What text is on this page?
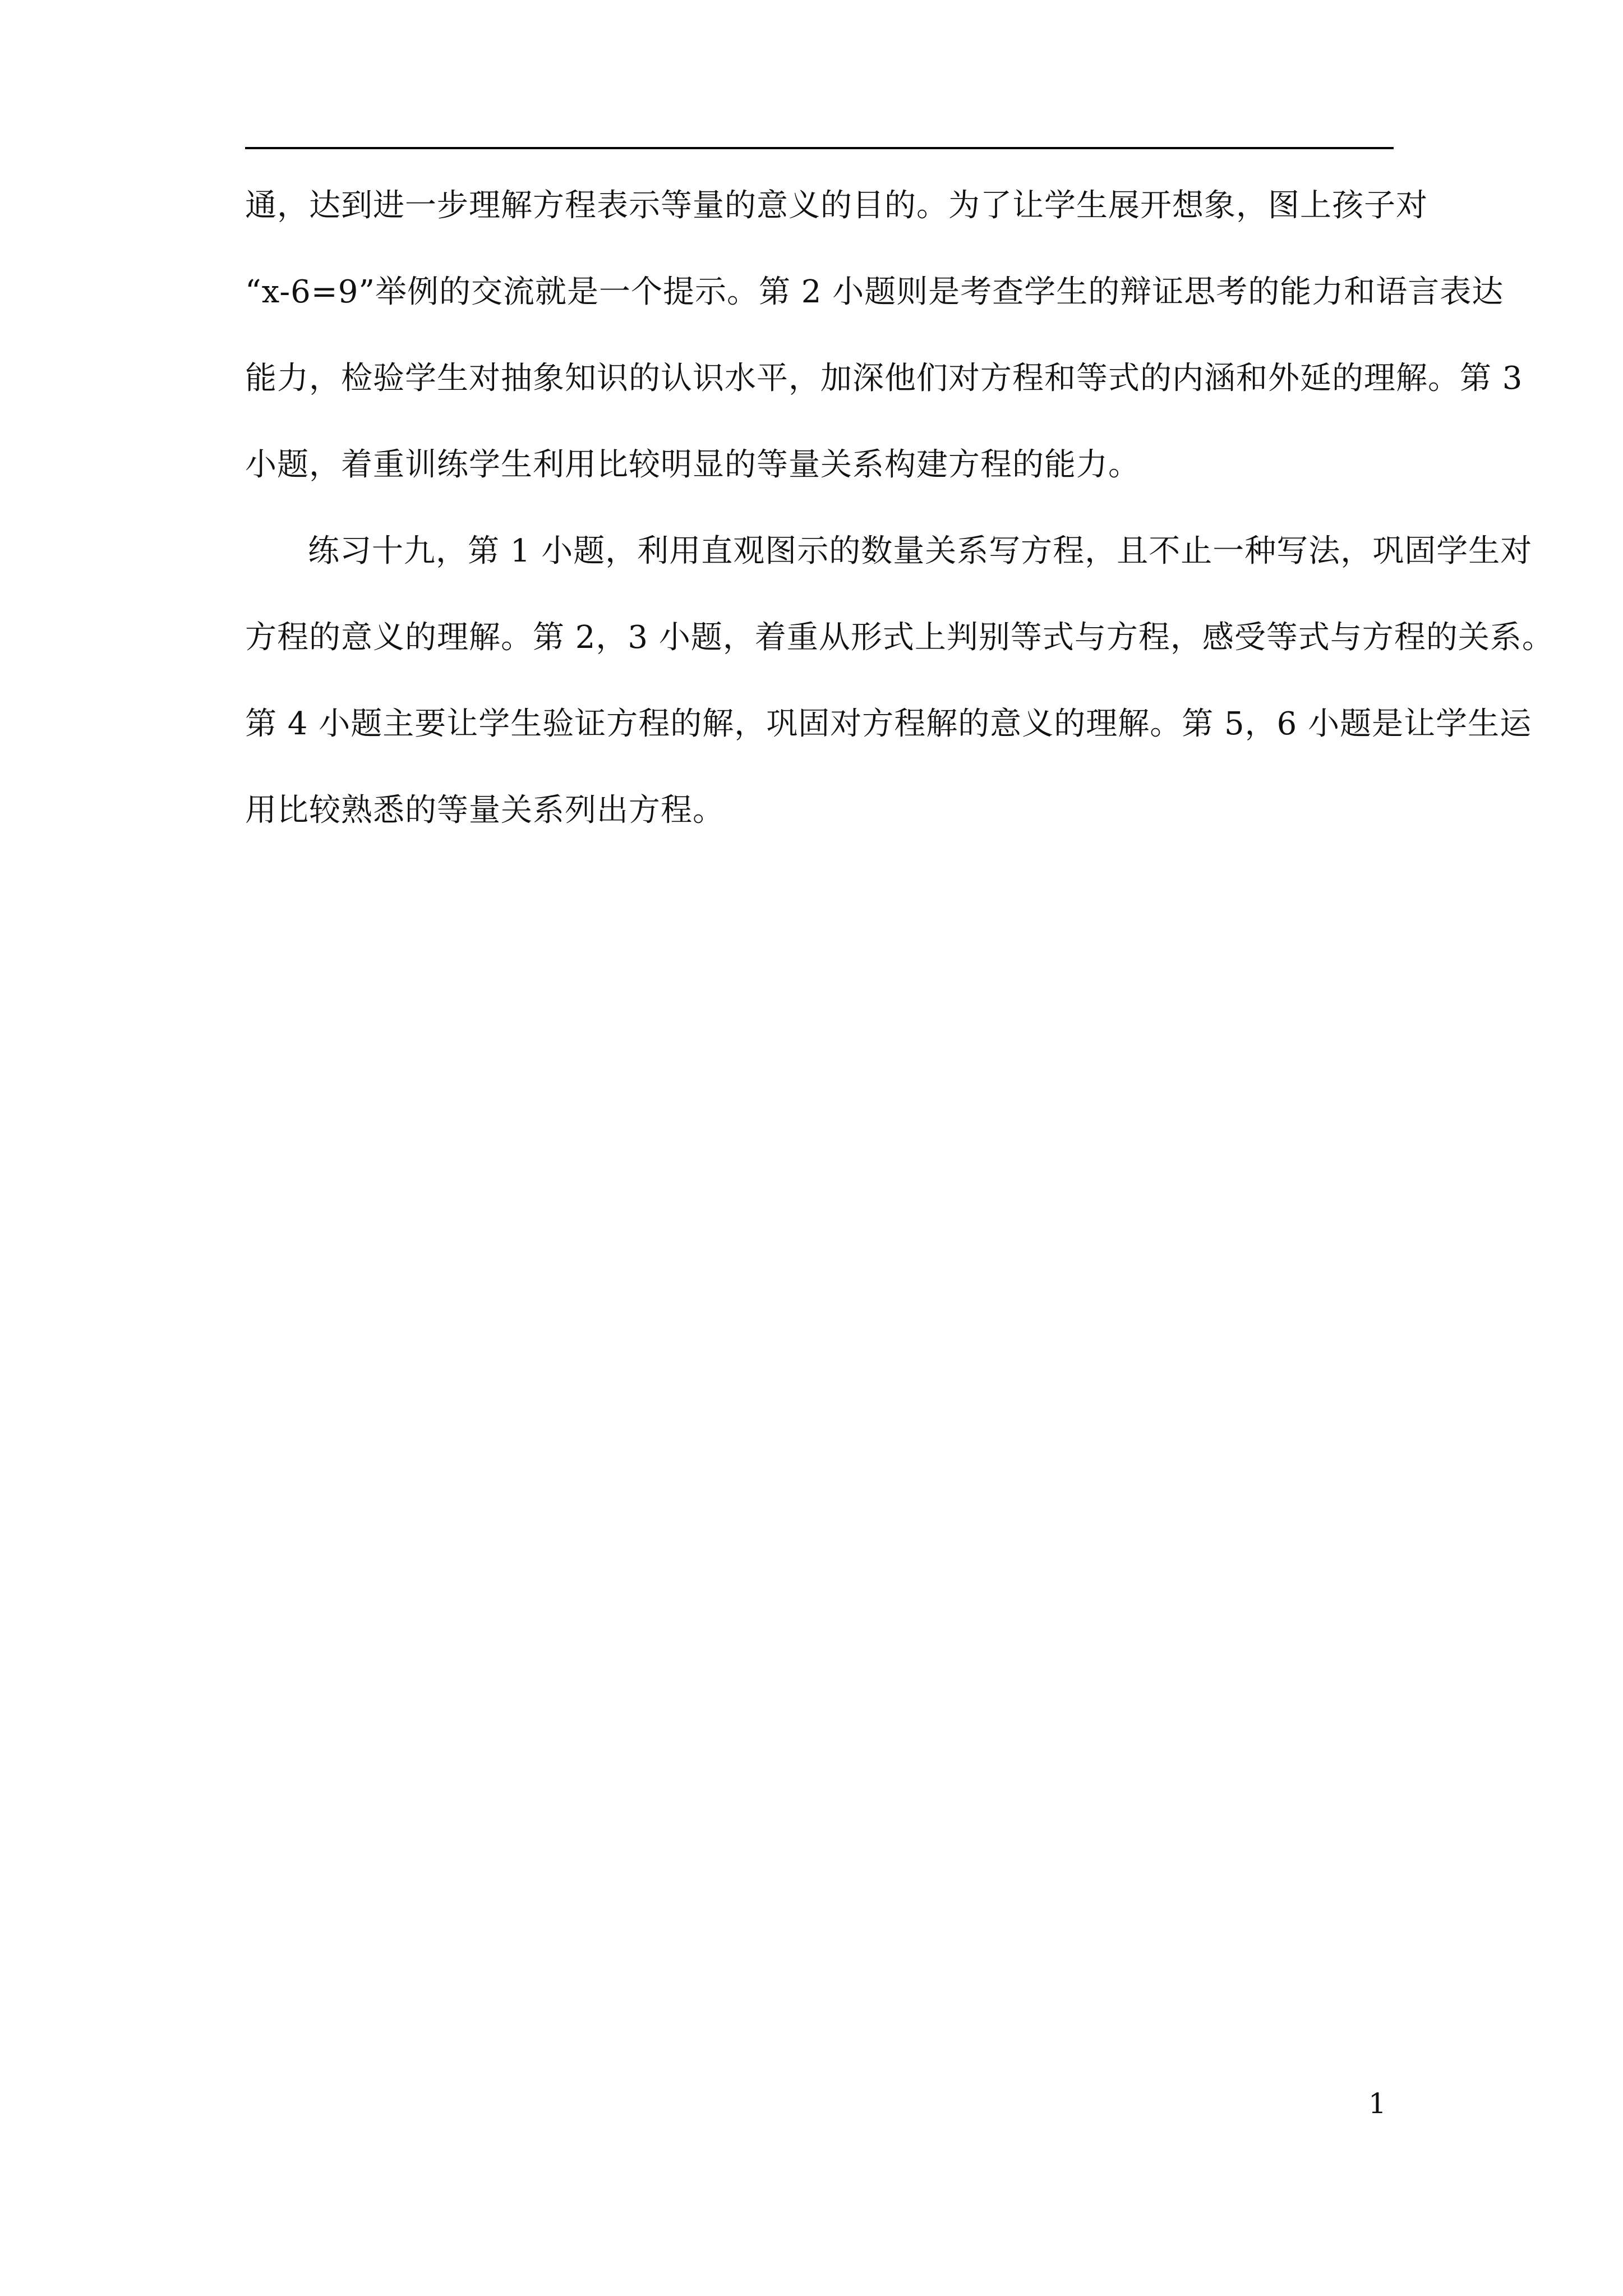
通，达到进一步理解方程表示等量的意义的目的。为了让学生展开想象，图上孩子对
“x-6=9”举例的交流就是一个提示。第 2 小题则是考查学生的辩证思考的能力和语言表达
能力，检验学生对抽象知识的认识水平，加深他们对方程和等式的内涵和外延的理解。第 3
小题，着重训练学生利用比较明显的等量关系构建方程的能力。
练习十九，第 1 小题，利用直观图示的数量关系写方程，且不止一种写法，巩固学生对
方程的意义的理解。第 2，3 小题，着重从形式上判别等式与方程，感受等式与方程的关系。
第 4 小题主要让学生验证方程的解，巩固对方程解的意义的理解。第 5，6 小题是让学生运
用比较熟悉的等量关系列出方程。
1
